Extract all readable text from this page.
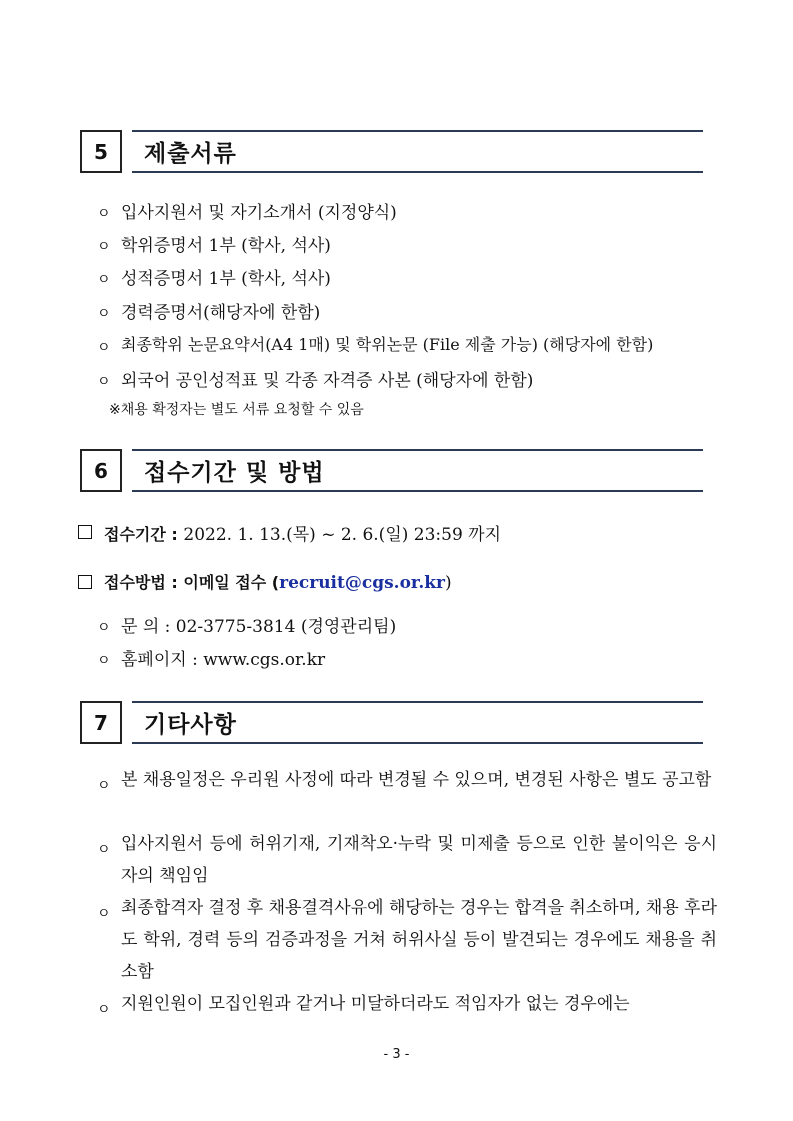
5	제출서류
ㅇ 입사지원서 및 자기소개서 (지정양식)
ㅇ 학위증명서 1부 (학사, 석사)
ㅇ 성적증명서 1부 (학사, 석사)
ㅇ 경력증명서(해당자에 한함)
ㅇ 최종학위 논문요약서(A4 1매) 및 학위논문 (File 제출 가능) (해당자에 한함)
ㅇ 외국어 공인성적표 및 각종 자격증 사본 (해당자에 한함)
※채용 확정자는 별도 서류 요청할 수 있음
6	접수기간 및 방법
접수기간 : 2022. 1. 13.(목) ~ 2. 6.(일) 23:59 까지
접수방법 : 이메일 접수 (recruit@cgs.or.kr)
ㅇ 문 의 : 02-3775-3814 (경영관리팀)
ㅇ 홈페이지 : www.cgs.or.kr
7	기타사항
ㅇ 본 채용일정은 우리원 사정에 따라 변경될 수 있으며, 변경된 사항은 별도 공고함
ㅇ 입사지원서 등에 허위기재, 기재착오·누락 및 미제출 등으로 인한 불이익은 응시자의 책임임
ㅇ 최종합격자 결정 후 채용결격사유에 해당하는 경우는 합격을 취소하며, 채용 후라도 학위, 경력 등의 검증과정을 거쳐 허위사실 등이 발견되는 경우에도 채용을 취소함
ㅇ 지원인원이 모집인원과 같거나 미달하더라도 적임자가 없는 경우에는
- 3 -
